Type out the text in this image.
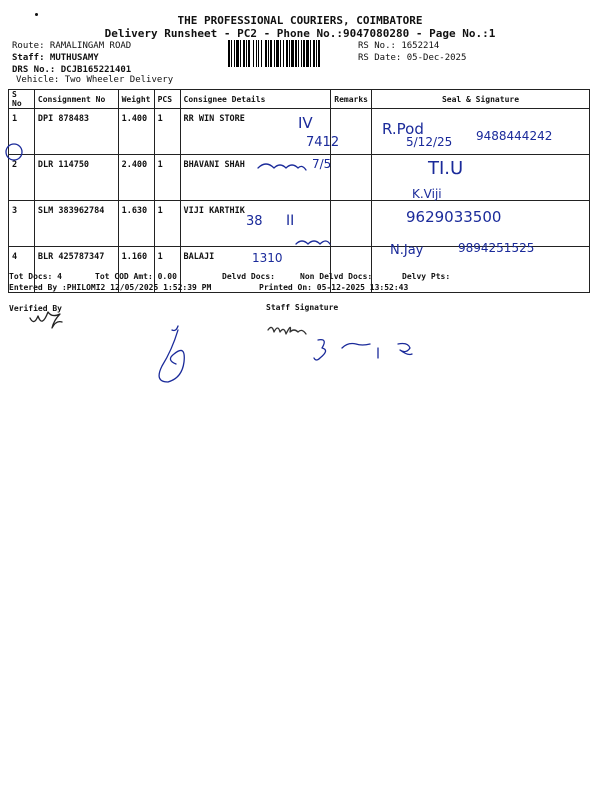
THE PROFESSIONAL COURIERS, COIMBATORE
Delivery Runsheet - PC2 - Phone No.:9047080280 - Page No.:1
Route: RAMALINGAM ROAD
Staff: MUTHUSAMY
DRS No.: DCJB165221401
Vehicle: Two Wheeler Delivery
RS No.: 1652214
RS Date: 05-Dec-2025
S No	Consignment No	Weight	PCS	Consignee Details	Remarks	Seal & Signature
1	DPI 878483	1.400	1	RR WIN STORE		
2	DLR 114750	2.400	1	BHAVANI SHAH		
3	SLM 383962784	1.630	1	VIJI KARTHIK		
4	BLR 425787347	1.160	1	BALAJI		
Tot Docs: 4	Tot COD Amt: 0.00	Delvd Docs:	Non Delvd Docs:	Delvy Pts:
Entered By :PHILOMI2 12/05/2025 1:52:39 PM	Printed On: 05-12-2025 13:52:43
Verified By	Staff Signature
IV
7412
R.Pod
5/12/25 9488444242
7/5	TI.U
38 II
K.Viji
9629033500
1310	N.Jay	9894251525
